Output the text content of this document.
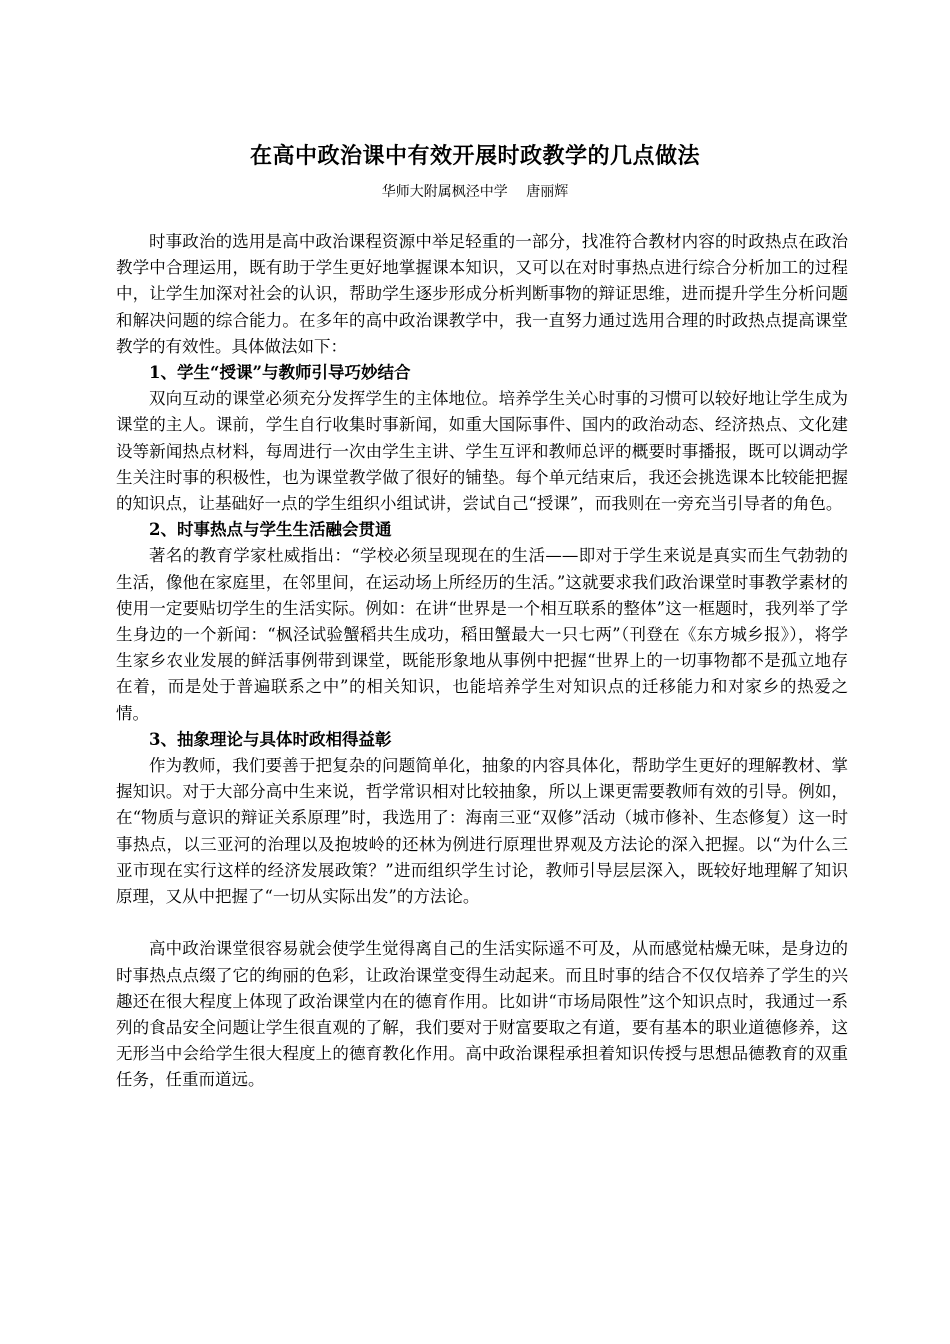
在高中政治课中有效开展时政教学的几点做法
华师大附属枫泾中学　 唐丽辉

时事政治的选用是高中政治课程资源中举足轻重的一部分，找准符合教材内容的时政热点在政治教学中合理运用，既有助于学生更好地掌握课本知识，又可以在对时事热点进行综合分析加工的过程中，让学生加深对社会的认识，帮助学生逐步形成分析判断事物的辩证思维，进而提升学生分析问题和解决问题的综合能力。在多年的高中政治课教学中，我一直努力通过选用合理的时政热点提高课堂教学的有效性。具体做法如下：

1、学生“授课”与教师引导巧妙结合

双向互动的课堂必须充分发挥学生的主体地位。培养学生关心时事的习惯可以较好地让学生成为课堂的主人。课前，学生自行收集时事新闻，如重大国际事件、国内的政治动态、经济热点、文化建设等新闻热点材料，每周进行一次由学生主讲、学生互评和教师总评的概要时事播报，既可以调动学生关注时事的积极性，也为课堂教学做了很好的铺垫。每个单元结束后，我还会挑选课本比较能把握的知识点，让基础好一点的学生组织小组试讲，尝试自己“授课”，而我则在一旁充当引导者的角色。

2、时事热点与学生生活融会贯通

著名的教育学家杜威指出：“学校必须呈现现在的生活——即对于学生来说是真实而生气勃勃的生活，像他在家庭里，在邻里间，在运动场上所经历的生活。”这就要求我们政治课堂时事教学素材的使用一定要贴切学生的生活实际。例如：在讲“世界是一个相互联系的整体”这一框题时，我列举了学生身边的一个新闻：“枫泾试验蟹稻共生成功，稻田蟹最大一只七两”（刊登在《东方城乡报》），将学生家乡农业发展的鲜活事例带到课堂，既能形象地从事例中把握“世界上的一切事物都不是孤立地存在着，而是处于普遍联系之中”的相关知识，也能培养学生对知识点的迁移能力和对家乡的热爱之情。

3、抽象理论与具体时政相得益彰

作为教师，我们要善于把复杂的问题简单化，抽象的内容具体化，帮助学生更好的理解教材、掌握知识。对于大部分高中生来说，哲学常识相对比较抽象，所以上课更需要教师有效的引导。例如，在“物质与意识的辩证关系原理”时，我选用了：海南三亚“双修”活动（城市修补、生态修复）这一时事热点，以三亚河的治理以及抱坡岭的还林为例进行原理世界观及方法论的深入把握。以“为什么三亚市现在实行这样的经济发展政策？”进而组织学生讨论，教师引导层层深入，既较好地理解了知识原理，又从中把握了“一切从实际出发”的方法论。

高中政治课堂很容易就会使学生觉得离自己的生活实际遥不可及，从而感觉枯燥无味，是身边的时事热点点缀了它的绚丽的色彩，让政治课堂变得生动起来。而且时事的结合不仅仅培养了学生的兴趣还在很大程度上体现了政治课堂内在的德育作用。比如讲“市场局限性”这个知识点时，我通过一系列的食品安全问题让学生很直观的了解，我们要对于财富要取之有道，要有基本的职业道德修养，这无形当中会给学生很大程度上的德育教化作用。高中政治课程承担着知识传授与思想品德教育的双重任务，任重而道远。
